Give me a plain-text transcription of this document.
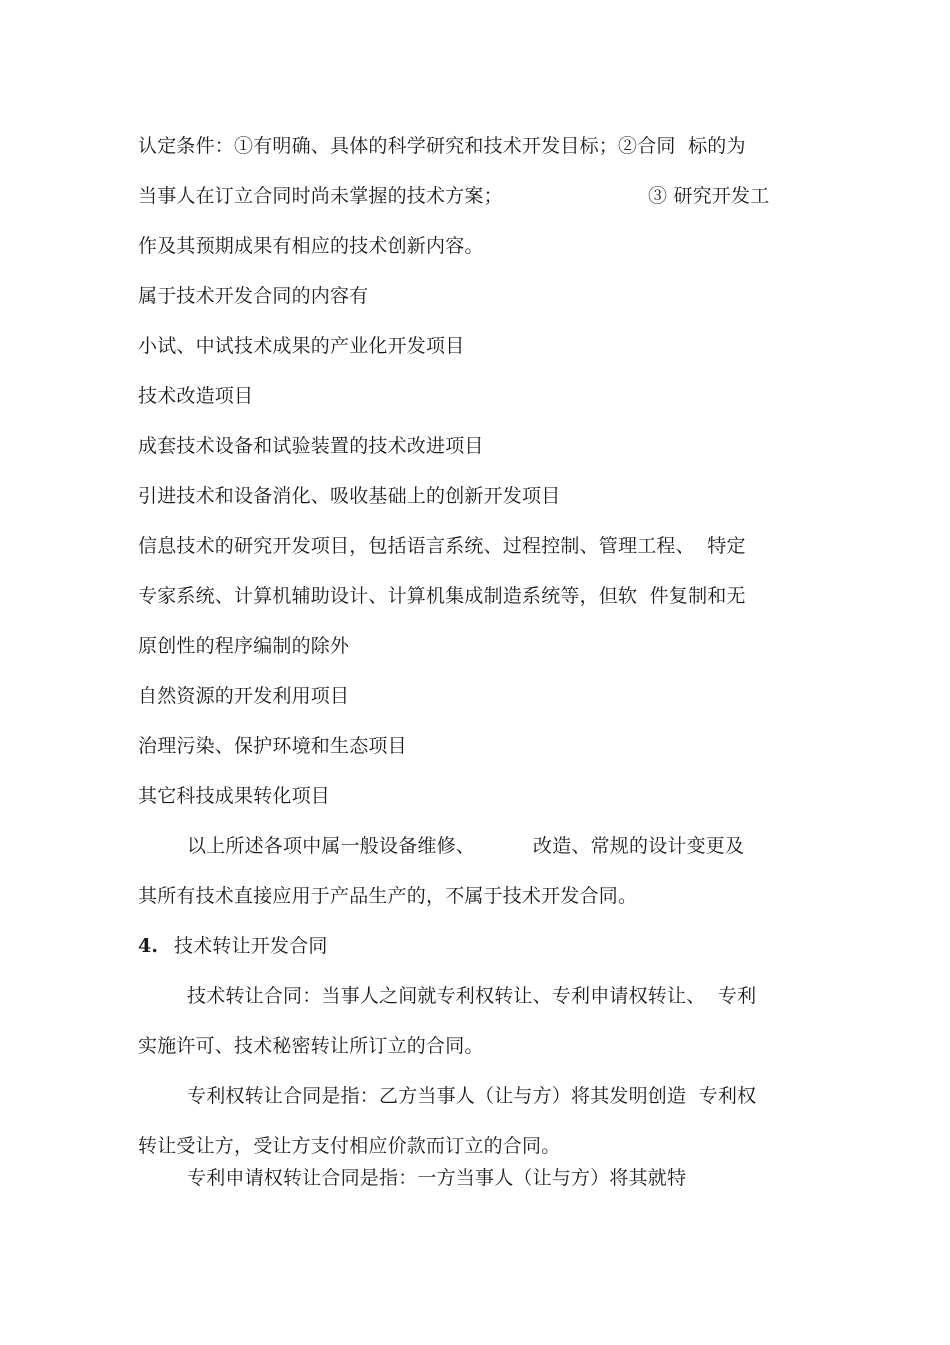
认定条件：①有明确、具体的科学研究和技术开发目标；②合同  标的为

当事人在订立合同时尚未掌握的技术方案；

	③ 研究开发工

作及其预期成果有相应的技术创新内容。
属于技术开发合同的内容有
小试、中试技术成果的产业化开发项目
技术改造项目
成套技术设备和试验装置的技术改进项目
引进技术和设备消化、吸收基础上的创新开发项目
信息技术的研究开发项目，包括语言系统、过程控制、管理工程、  特定
专家系统、计算机辅助设计、计算机集成制造系统等，但软  件复制和无
原创性的程序编制的除外
自然资源的开发利用项目
治理污染、保护环境和生态项目
其它科技成果转化项目

以上所述各项中属一般设备维修、

	改造、常规的设计变更及

其所有技术直接应用于产品生产的，不属于技术开发合同。

4.

技术转让开发合同

技术转让合同：当事人之间就专利权转让、专利申请权转让、  专利
实施许可、技术秘密转让所订立的合同。
专利权转让合同是指：乙方当事人（让与方）将其发明创造  专利权
转让受让方，受让方支付相应价款而订立的合同。
专利申请权转让合同是指：一方当事人（让与方）将其就特
